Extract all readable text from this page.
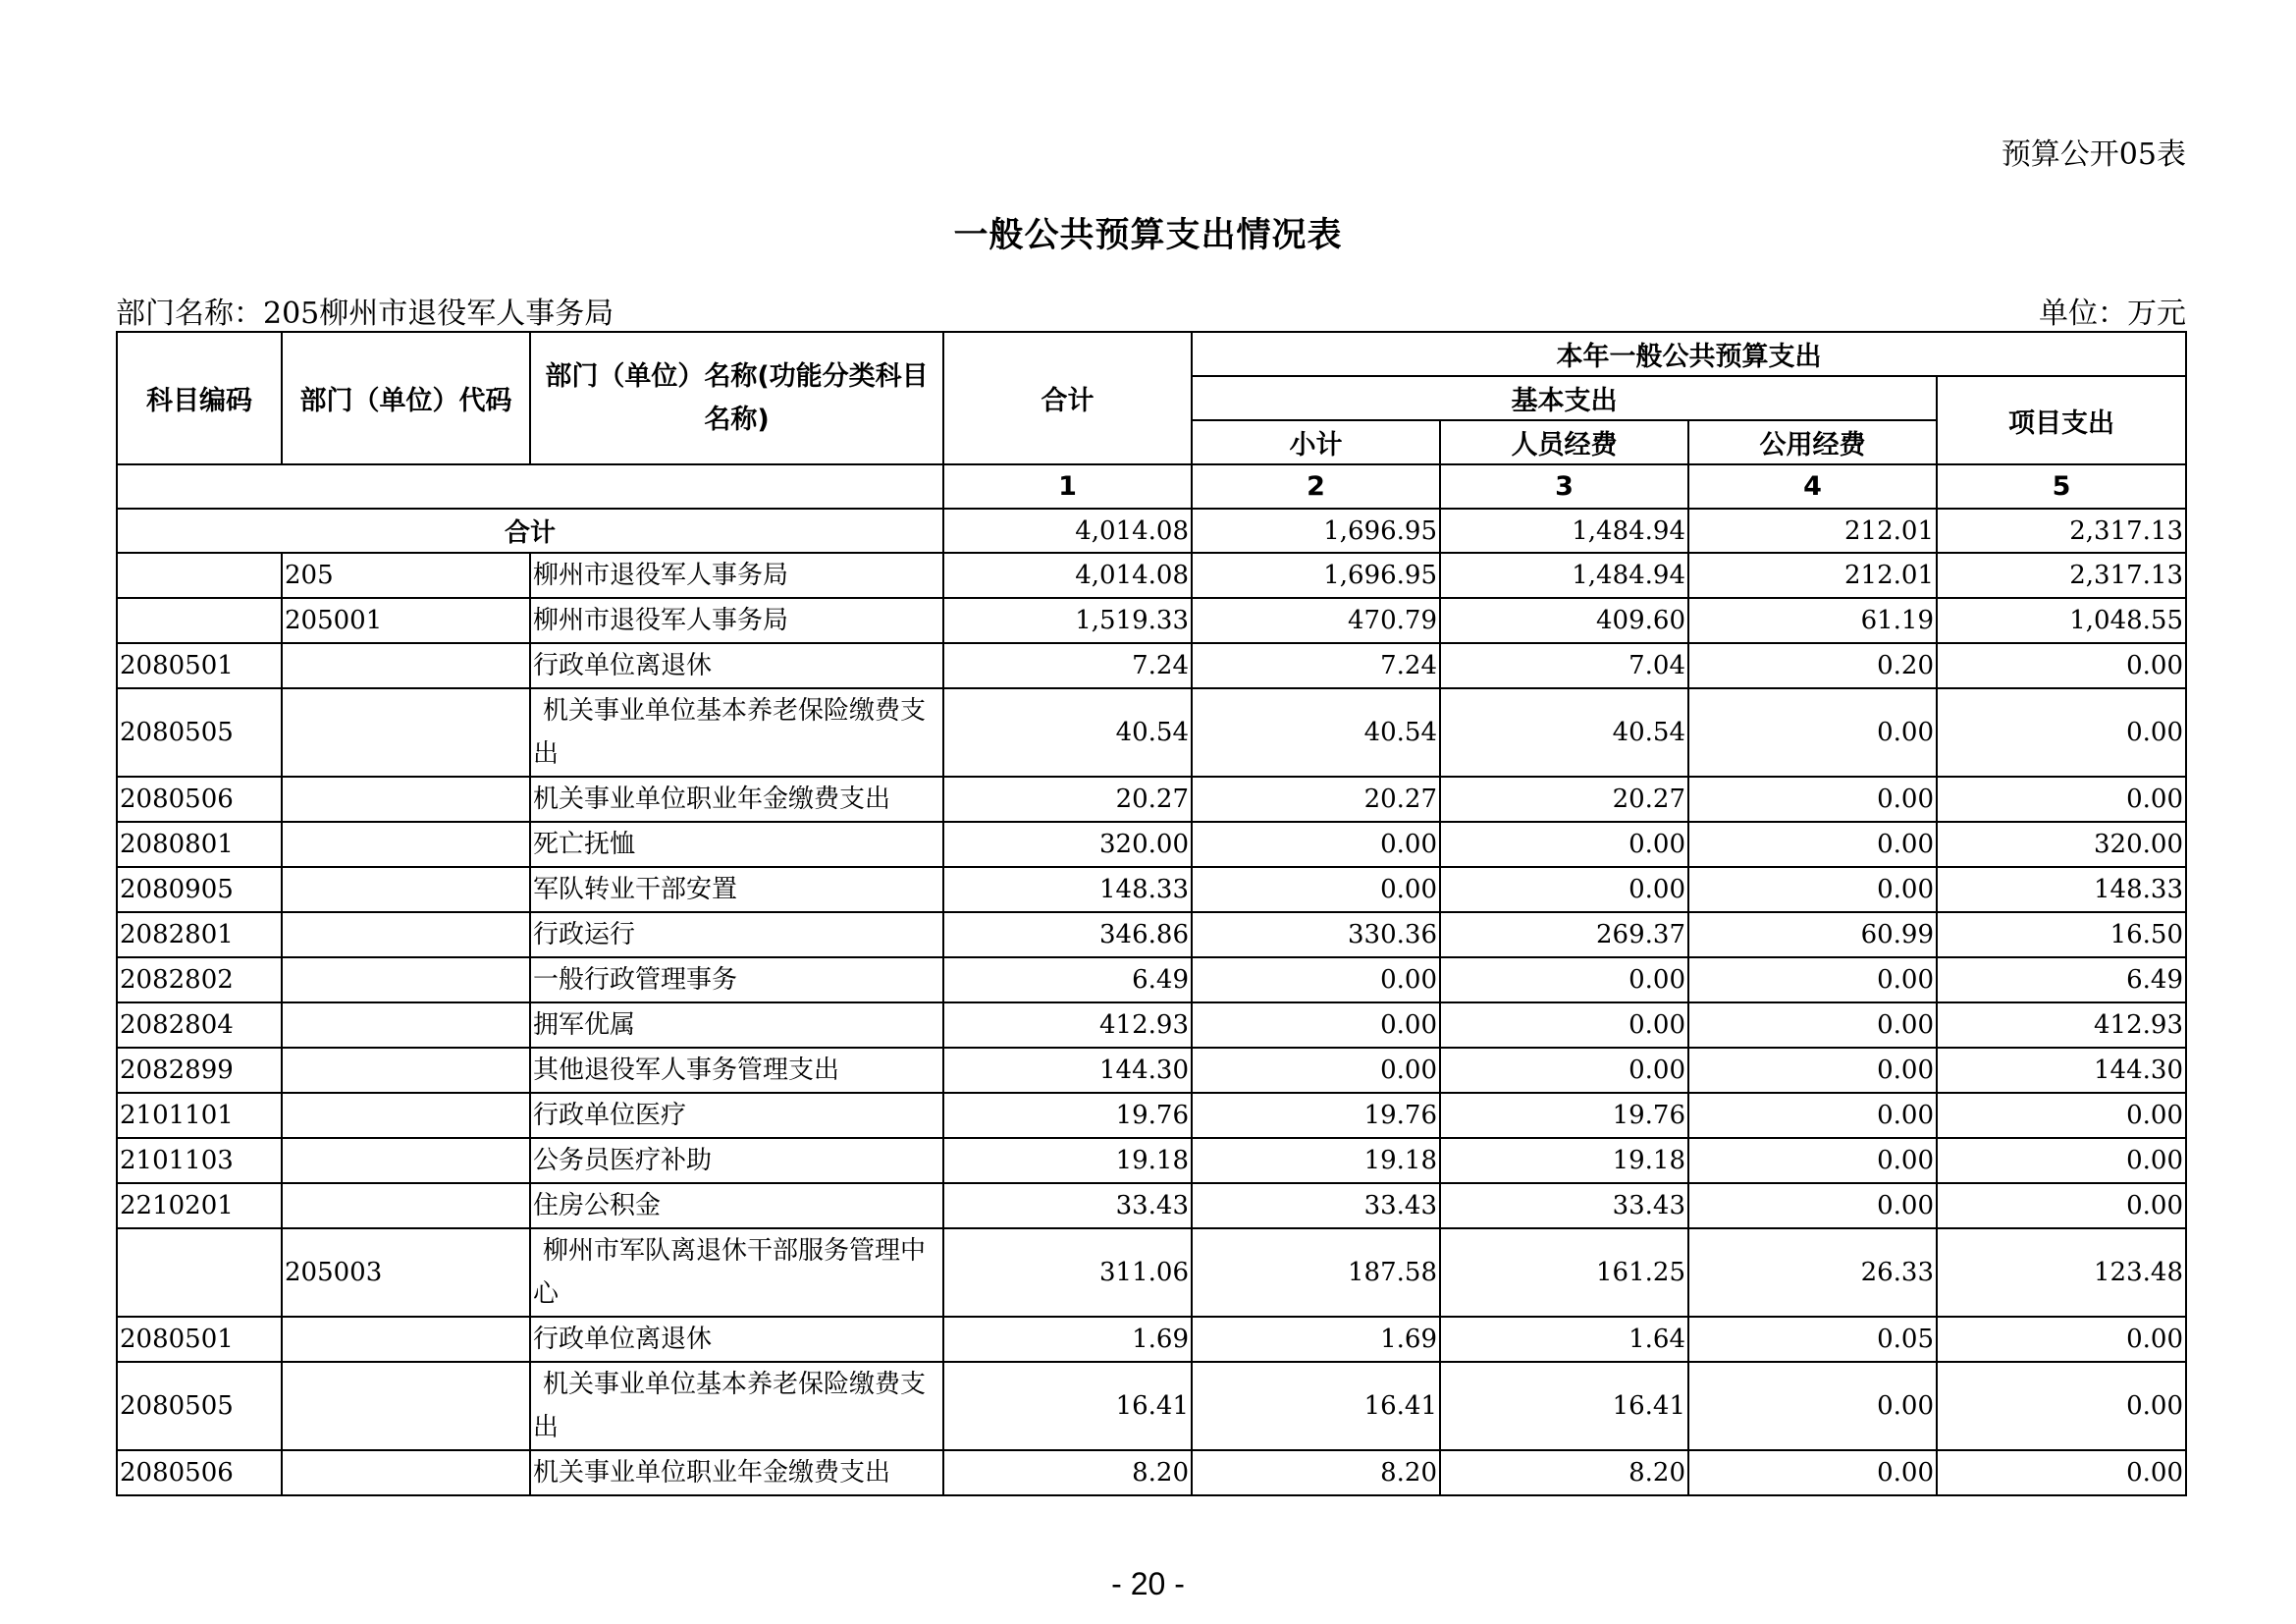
预算公开05表
一般公共预算支出情况表
部门名称：205柳州市退役军人事务局	单位：万元
科目编码	部门（单位）代码	部门（单位）名称(功能分类科目名称)	合计	本年一般公共预算支出			
				基本支出			项目支出
				小计	人员经费	公用经费	
			1	2	3	4	5
合计			4,014.08	1,696.95	1,484.94	212.01	2,317.13
	205	柳州市退役军人事务局	4,014.08	1,696.95	1,484.94	212.01	2,317.13
	205001	柳州市退役军人事务局	1,519.33	470.79	409.60	61.19	1,048.55
2080501		行政单位离退休	7.24	7.24	7.04	0.20	0.00
2080505		机关事业单位基本养老保险缴费支出	40.54	40.54	40.54	0.00	0.00
2080506		机关事业单位职业年金缴费支出	20.27	20.27	20.27	0.00	0.00
2080801		死亡抚恤	320.00	0.00	0.00	0.00	320.00
2080905		军队转业干部安置	148.33	0.00	0.00	0.00	148.33
2082801		行政运行	346.86	330.36	269.37	60.99	16.50
2082802		一般行政管理事务	6.49	0.00	0.00	0.00	6.49
2082804		拥军优属	412.93	0.00	0.00	0.00	412.93
2082899		其他退役军人事务管理支出	144.30	0.00	0.00	0.00	144.30
2101101		行政单位医疗	19.76	19.76	19.76	0.00	0.00
2101103		公务员医疗补助	19.18	19.18	19.18	0.00	0.00
2210201		住房公积金	33.43	33.43	33.43	0.00	0.00
	205003	柳州市军队离退休干部服务管理中心	311.06	187.58	161.25	26.33	123.48
2080501		行政单位离退休	1.69	1.69	1.64	0.05	0.00
2080505		机关事业单位基本养老保险缴费支出	16.41	16.41	16.41	0.00	0.00
2080506		机关事业单位职业年金缴费支出	8.20	8.20	8.20	0.00	0.00
- 20 -
